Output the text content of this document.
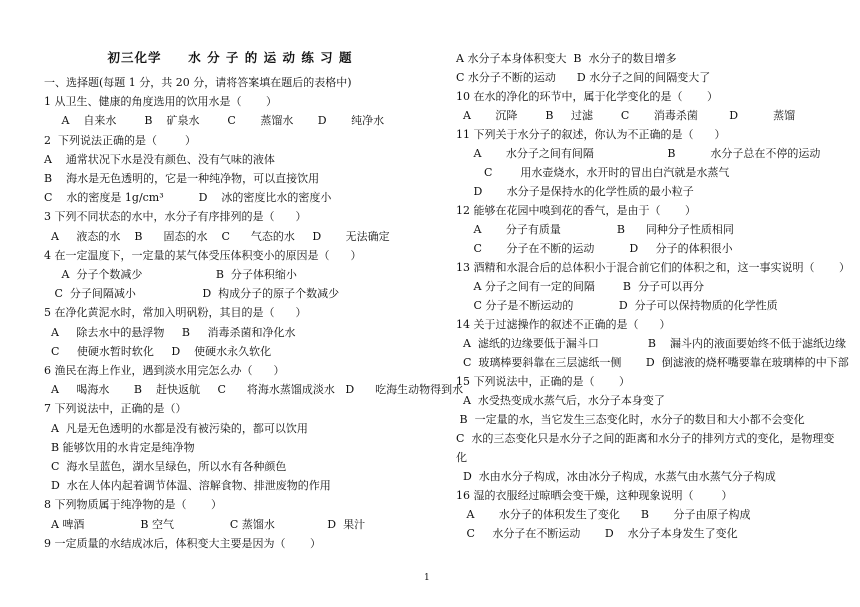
初三化学     水 分 子 的 运 动 练 习 题
一、选择题(每题 1 分，共 20 分，请将答案填在题后的表格中)
1 从卫生、健康的角度选用的饮用水是（       ）
A    自来水        B    矿泉水        C       蒸馏水       D       纯净水
2  下列说法正确的是（        ）
A    通常状况下水是没有颜色、没有气味的液体
B    海水是无色透明的，它是一种纯净物，可以直接饮用
C    水的密度是 1g/cm³          D    冰的密度比水的密度小
3 下列不同状态的水中，水分子有序排列的是（      ）
A     液态的水    B      固态的水    C      气态的水     D       无法确定
4 在一定温度下，一定量的某气体受压体积变小的原因是（      ）
A  分子个数减少                     B  分子体积缩小
C  分子间隔减小                   D  构成分子的原子个数减少
5 在净化黄泥水时，常加入明矾粉，其目的是（      ）
A     除去水中的悬浮物     B     消毒杀菌和净化水
C     使硬水暂时软化     D    使硬水永久软化
6 渔民在海上作业，遇到淡水用完怎么办（      ）
A     喝海水       B    赶快返航     C      将海水蒸馏成淡水   D      吃海生动物得到水
7 下列说法中，正确的是（）
A  凡是无色透明的水都是没有被污染的，都可以饮用
B 能够饮用的水肯定是纯净物
C  海水呈蓝色，湖水呈绿色，所以水有各种颜色
D  水在人体内起着调节体温、溶解食物、排泄废物的作用
8 下列物质属于纯净物的是（       ）
A 啤酒                B 空气                C 蒸馏水               D  果汁
9 一定质量的水结成冰后，体积变大主要是因为（       ）
A 水分子本身体积变大  B  水分子的数目增多
C 水分子不断的运动      D 水分子之间的间隔变大了
10 在水的净化的环节中，属于化学变化的是（       ）
A       沉降        B     过滤        C       消毒杀菌         D          蒸馏
11 下列关于水分子的叙述，你认为不正确的是（      ）
A       水分子之间有间隔                     B          水分子总在不停的运动
C        用水壶烧水，水开时的冒出白汽就是水蒸气
D       水分子是保持水的化学性质的最小粒子
12 能够在花园中嗅到花的香气，是由于（       ）
A       分子有质量                B      同种分子性质相同
C       分子在不断的运动          D     分子的体积很小
13 酒精和水混合后的总体积小于混合前它们的体积之和，这一事实说明（       ）
A 分子之间有一定的间隔        B  分子可以再分
C 分子是不断运动的             D  分子可以保持物质的化学性质
14 关于过滤操作的叙述不正确的是（      ）
A  滤纸的边缘要低于漏斗口              B    漏斗内的液面要始终不低于滤纸边缘
C  玻璃棒要斜靠在三层滤纸一侧       D  倒滤液的烧杯嘴要靠在玻璃棒的中下部
15 下列说法中，正确的是（       ）
A  水受热变成水蒸气后，水分子本身变了
B  一定量的水，当它发生三态变化时，水分子的数目和大小都不会变化
C  水的三态变化只是水分子之间的距离和水分子的排列方式的变化，是物理变
化
D  水由水分子构成，冰由冰分子构成，水蒸气由水蒸气分子构成
16 湿的衣服经过晾晒会变干燥，这种现象说明（        ）
A       水分子的体积发生了变化      B       分子由原子构成
C     水分子在不断运动       D    水分子本身发生了变化
1
